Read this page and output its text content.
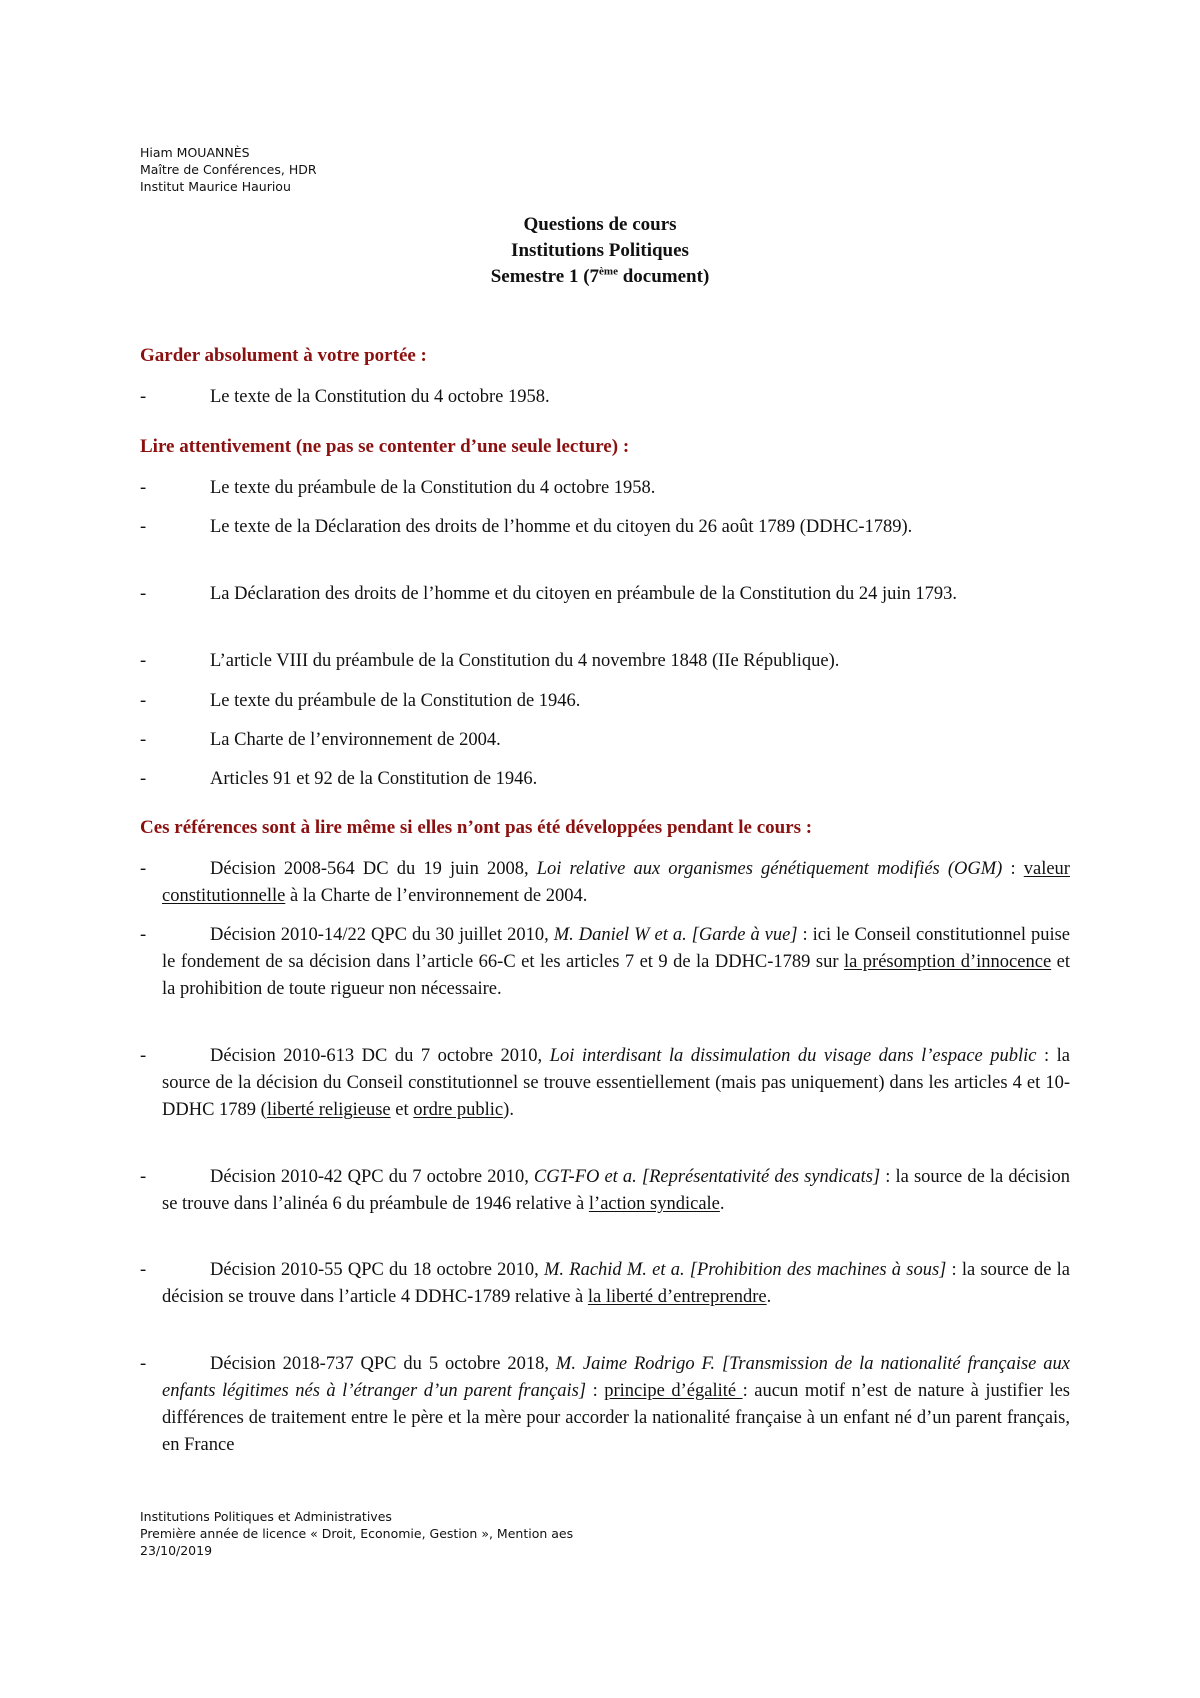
Hiam MOUANNÈS
Maître de Conférences, HDR
Institut Maurice Hauriou
Questions de cours
Institutions Politiques
Semestre 1 (7ème document)
Garder absolument à votre portée :
-	Le texte de la Constitution du 4 octobre 1958.
Lire attentivement (ne pas se contenter d’une seule lecture) :
-	Le texte du préambule de la Constitution du 4 octobre 1958.
-	Le texte de la Déclaration des droits de l’homme et du citoyen du 26 août 1789 (DDHC-1789).
-	La Déclaration des droits de l’homme et du citoyen en préambule de la Constitution du 24 juin 1793.
-	L’article VIII du préambule de la Constitution du 4 novembre 1848 (IIe République).
-	Le texte du préambule de la Constitution de 1946.
-	La Charte de l’environnement de 2004.
-	Articles 91 et 92 de la Constitution de 1946.
Ces références sont à lire même si elles n’ont pas été développées pendant le cours :
-	Décision 2008-564 DC du 19 juin 2008, Loi relative aux organismes génétiquement modifiés (OGM) : valeur constitutionnelle à la Charte de l’environnement de 2004.
-	Décision 2010-14/22 QPC du 30 juillet 2010, M. Daniel W et a. [Garde à vue] : ici le Conseil constitutionnel puise le fondement de sa décision dans l’article 66-C et les articles 7 et 9 de la DDHC-1789 sur la présomption d’innocence et la prohibition de toute rigueur non nécessaire.
-	Décision 2010-613 DC du 7 octobre 2010, Loi interdisant la dissimulation du visage dans l’espace public : la source de la décision du Conseil constitutionnel se trouve essentiellement (mais pas uniquement) dans les articles 4 et 10-DDHC 1789 (liberté religieuse et ordre public).
-	Décision 2010-42 QPC du 7 octobre 2010, CGT-FO et a. [Représentativité des syndicats] : la source de la décision se trouve dans l’alinéa 6 du préambule de 1946 relative à l’action syndicale.
-	Décision 2010-55 QPC du 18 octobre 2010, M. Rachid M. et a. [Prohibition des machines à sous] : la source de la décision se trouve dans l’article 4 DDHC-1789 relative à la liberté d’entreprendre.
-	Décision 2018-737 QPC du 5 octobre 2018, M. Jaime Rodrigo F. [Transmission de la nationalité française aux enfants légitimes nés à l’étranger d’un parent français] : principe d’égalité : aucun motif n’est de nature à justifier les différences de traitement entre le père et la mère pour accorder la nationalité française à un enfant né d’un parent français, en France
Institutions Politiques et Administratives
Première année de licence « Droit, Economie, Gestion », Mention aes
23/10/2019
